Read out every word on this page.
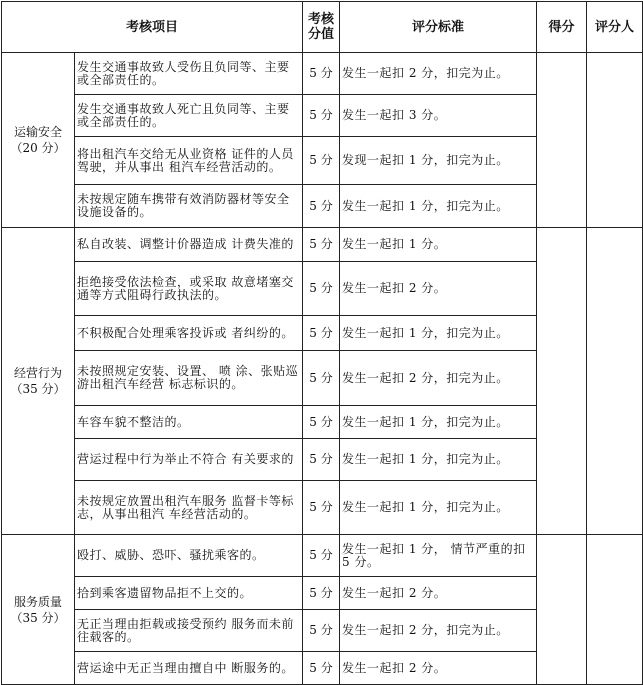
考核项目		考核分值	评分标准	得分	评分人
运输安全（20 分）	发生交通事故致人受伤且负同等、主要或全部责任的。	5 分	发生一起扣 2 分，扣完为止。		
	发生交通事故致人死亡且负同等、主要或全部责任的。	5 分	发生一起扣 3 分。		
	将出租汽车交给无从业资格 证件的人员驾驶，并从事出 租汽车经营活动的。	5 分	发现一起扣 1 分，扣完为止。		
	未按规定随车携带有效消防器材等安全设施设备的。	5 分	发生一起扣 1 分，扣完为止。		
经营行为（35 分）	私自改装、调整计价器造成 计费失准的	5 分	发生一起扣 1 分。		
	拒绝接受依法检查，或采取 故意堵塞交通等方式阻碍行政执法的。	5 分	发生一起扣 2 分。		
	不积极配合处理乘客投诉或 者纠纷的。	5 分	发生一起扣 1 分，扣完为止。		
	未按照规定安装、设置、 喷 涂、张贴巡游出租汽车经营 标志标识的。	5 分	发生一起扣 2 分，扣完为止。		
	车容车貌不整洁的。	5 分	发生一起扣 1 分，扣完为止。		
	营运过程中行为举止不符合 有关要求的	5 分	发生一起扣 1 分，扣完为止。		
	未按规定放置出租汽车服务 监督卡等标志，从事出租汽 车经营活动的。	5 分	发生一起扣 1 分，扣完为止。		
服务质量（35 分）	殴打、威胁、恐吓、骚扰乘客的。	5 分	发生一起扣 1 分， 情节严重的扣 5 分。		
	拾到乘客遗留物品拒不上交的。	5 分	发生一起扣 2 分。		
	无正当理由拒载或接受预约 服务而未前往载客的。	5 分	发生一起扣 2 分，扣完为止。		
	营运途中无正当理由擅自中 断服务的。	5 分	发生一起扣 2 分。		
